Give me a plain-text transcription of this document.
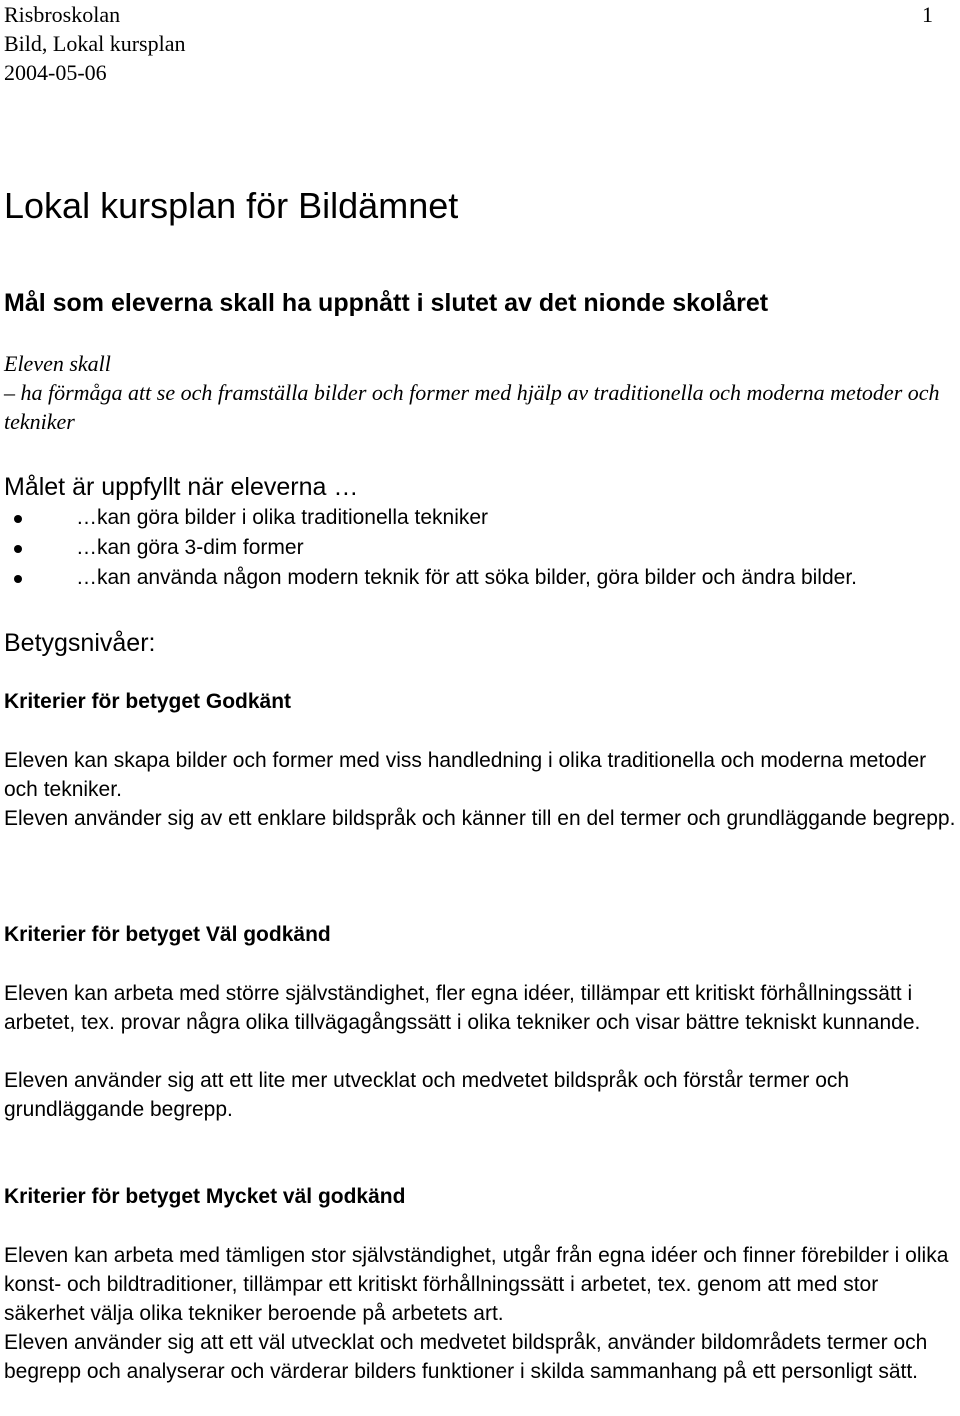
Risbroskolan
Bild, Lokal kursplan
2004-05-06
1
Lokal kursplan för Bildämnet
Mål som eleverna skall ha uppnått i slutet av det nionde skolåret
Eleven skall
– ha förmåga att se och framställa bilder och former med hjälp av traditionella och moderna metoder och tekniker
Målet är uppfyllt när eleverna …
…kan göra bilder i olika traditionella tekniker
…kan göra 3-dim former
…kan använda någon modern teknik för att söka bilder, göra bilder och ändra bilder.
Betygsnivåer:
Kriterier för betyget Godkänt

Eleven kan skapa bilder och former med viss handledning i olika traditionella och moderna metoder och tekniker.

Eleven använder sig av ett enklare bildspråk och känner till en del termer och grundläggande begrepp.

Kriterier för betyget Väl godkänd

Eleven kan arbeta med större självständighet, fler egna idéer, tillämpar ett kritiskt förhållningssätt i arbetet, tex. provar några olika tillvägagångssätt i olika tekniker och visar bättre tekniskt kunnande.

Eleven använder sig att ett lite mer utvecklat och medvetet bildspråk och förstår termer och grundläggande begrepp.

Kriterier för betyget Mycket väl godkänd

Eleven kan arbeta med tämligen stor självständighet, utgår från egna idéer och finner förebilder i olika konst- och bildtraditioner, tillämpar ett kritiskt förhållningssätt i arbetet, tex. genom att med stor säkerhet välja olika tekniker beroende på arbetets art.

Eleven använder sig att ett väl utvecklat och medvetet bildspråk, använder bildområdets termer och begrepp och analyserar och värderar bilders funktioner i skilda sammanhang på ett personligt sätt.
